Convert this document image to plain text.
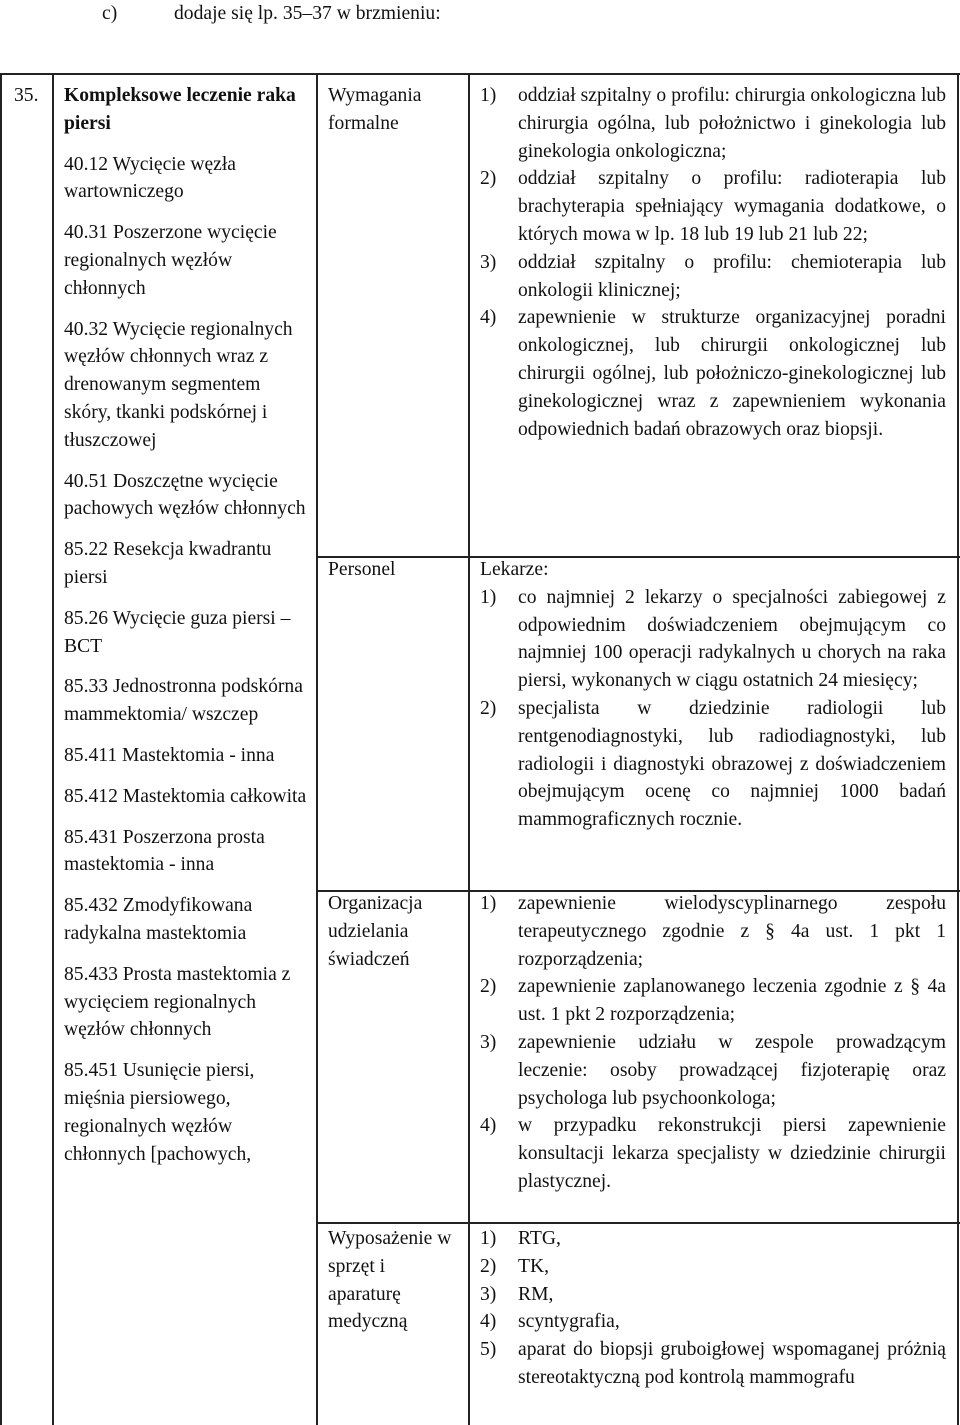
c)	dodaje się lp. 35–37 w brzmieniu:
35. Kompleksowe leczenie raka piersi

40.12 Wycięcie węzła wartowniczego

40.31 Poszerzone wycięcie regionalnych węzłów chłonnych

40.32 Wycięcie regionalnych węzłów chłonnych wraz z drenowanym segmentem skóry, tkanki podskórnej i tłuszczowej

40.51 Doszczętne wycięcie pachowych węzłów chłonnych

85.22 Resekcja kwadrantu piersi

85.26 Wycięcie guza piersi – BCT

85.33 Jednostronna podskórna mammektomia/ wszczep

85.411 Mastektomia - inna

85.412 Mastektomia całkowita

85.431 Poszerzona prosta mastektomia - inna

85.432 Zmodyfikowana radykalna mastektomia

85.433 Prosta mastektomia z wycięciem regionalnych węzłów chłonnych

85.451 Usunięcie piersi, mięśnia piersiowego, regionalnych węzłów chłonnych [pachowych,

Wymagania formalne
1) oddział szpitalny o profilu: chirurgia onkologiczna lub chirurgia ogólna, lub położnictwo i ginekologia lub ginekologia onkologiczna;
2) oddział szpitalny o profilu: radioterapia lub brachyterapia spełniający wymagania dodatkowe, o których mowa w lp. 18 lub 19 lub 21 lub 22;
3) oddział szpitalny o profilu: chemioterapia lub onkologii klinicznej;
4) zapewnienie w strukturze organizacyjnej poradni onkologicznej, lub chirurgii onkologicznej lub chirurgii ogólnej, lub położniczo-ginekologicznej lub ginekologicznej wraz z zapewnieniem wykonania odpowiednich badań obrazowych oraz biopsji.
Personel	Lekarze:

1) co najmniej 2 lekarzy o specjalności zabiegowej z odpowiednim doświadczeniem obejmującym co najmniej 100 operacji radykalnych u chorych na raka piersi, wykonanych w ciągu ostatnich 24 miesięcy;
2) specjalista w dziedzinie radiologii lub rentgenodiagnostyki, lub radiodiagnostyki, lub radiologii i diagnostyki obrazowej z doświadczeniem obejmującym ocenę co najmniej 1000 badań mammograficznych rocznie.
Organizacja udzielania świadczeń
1) zapewnienie wielodyscyplinarnego zespołu terapeutycznego zgodnie z § 4a ust. 1 pkt 1 rozporządzenia;
2) zapewnienie zaplanowanego leczenia zgodnie z § 4a ust. 1 pkt 2 rozporządzenia;
3) zapewnienie udziału w zespole prowadzącym leczenie: osoby prowadzącej fizjoterapię oraz psychologa lub psychoonkologa;
4) w przypadku rekonstrukcji piersi zapewnienie konsultacji lekarza specjalisty w dziedzinie chirurgii plastycznej.
Wyposażenie w sprzęt i aparaturę medyczną
1) RTG,
2) TK,
3) RM,
4) scyntygrafia,
5) aparat do biopsji gruboigłowej wspomaganej próżnią stereotaktyczną pod kontrolą mammografu
